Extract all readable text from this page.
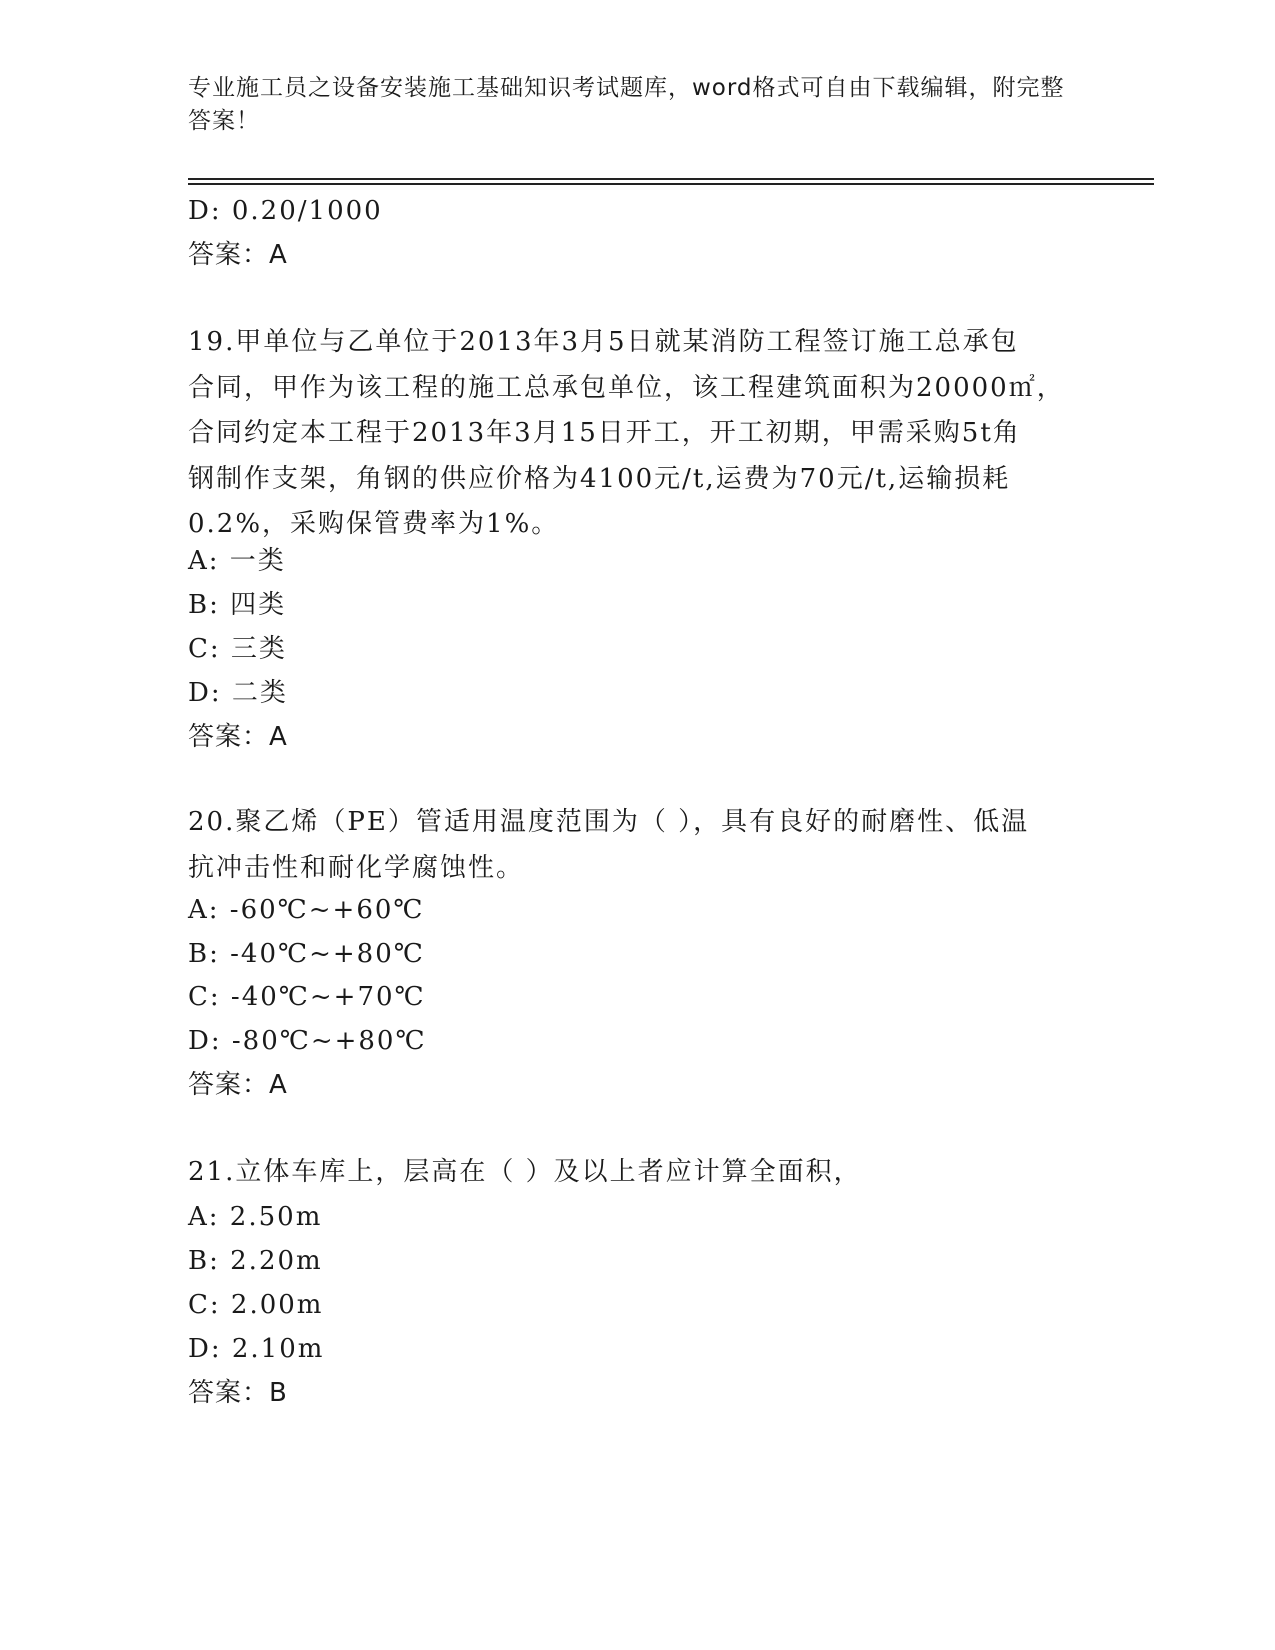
专业施工员之设备安装施工基础知识考试题库，word格式可自由下载编辑，附完整答案！
D: 0.20/1000
答案：A
19.甲单位与乙单位于2013年3月5日就某消防工程签订施工总承包
合同，甲作为该工程的施工总承包单位，该工程建筑面积为20000㎡，
合同约定本工程于2013年3月15日开工，开工初期，甲需采购5t角
钢制作支架，角钢的供应价格为4100元/t,运费为70元/t,运输损耗
0.2%，采购保管费率为1%。
A: 一类
B: 四类
C: 三类
D: 二类
答案：A
20.聚乙烯（PE）管适用温度范围为（ ），具有良好的耐磨性、低温
抗冲击性和耐化学腐蚀性。
A: -60℃~+60℃
B: -40℃~+80℃
C: -40℃~+70℃
D: -80℃~+80℃
答案：A
21.立体车库上，层高在（ ）及以上者应计算全面积，
A: 2.50m
B: 2.20m
C: 2.00m
D: 2.10m
答案：B
